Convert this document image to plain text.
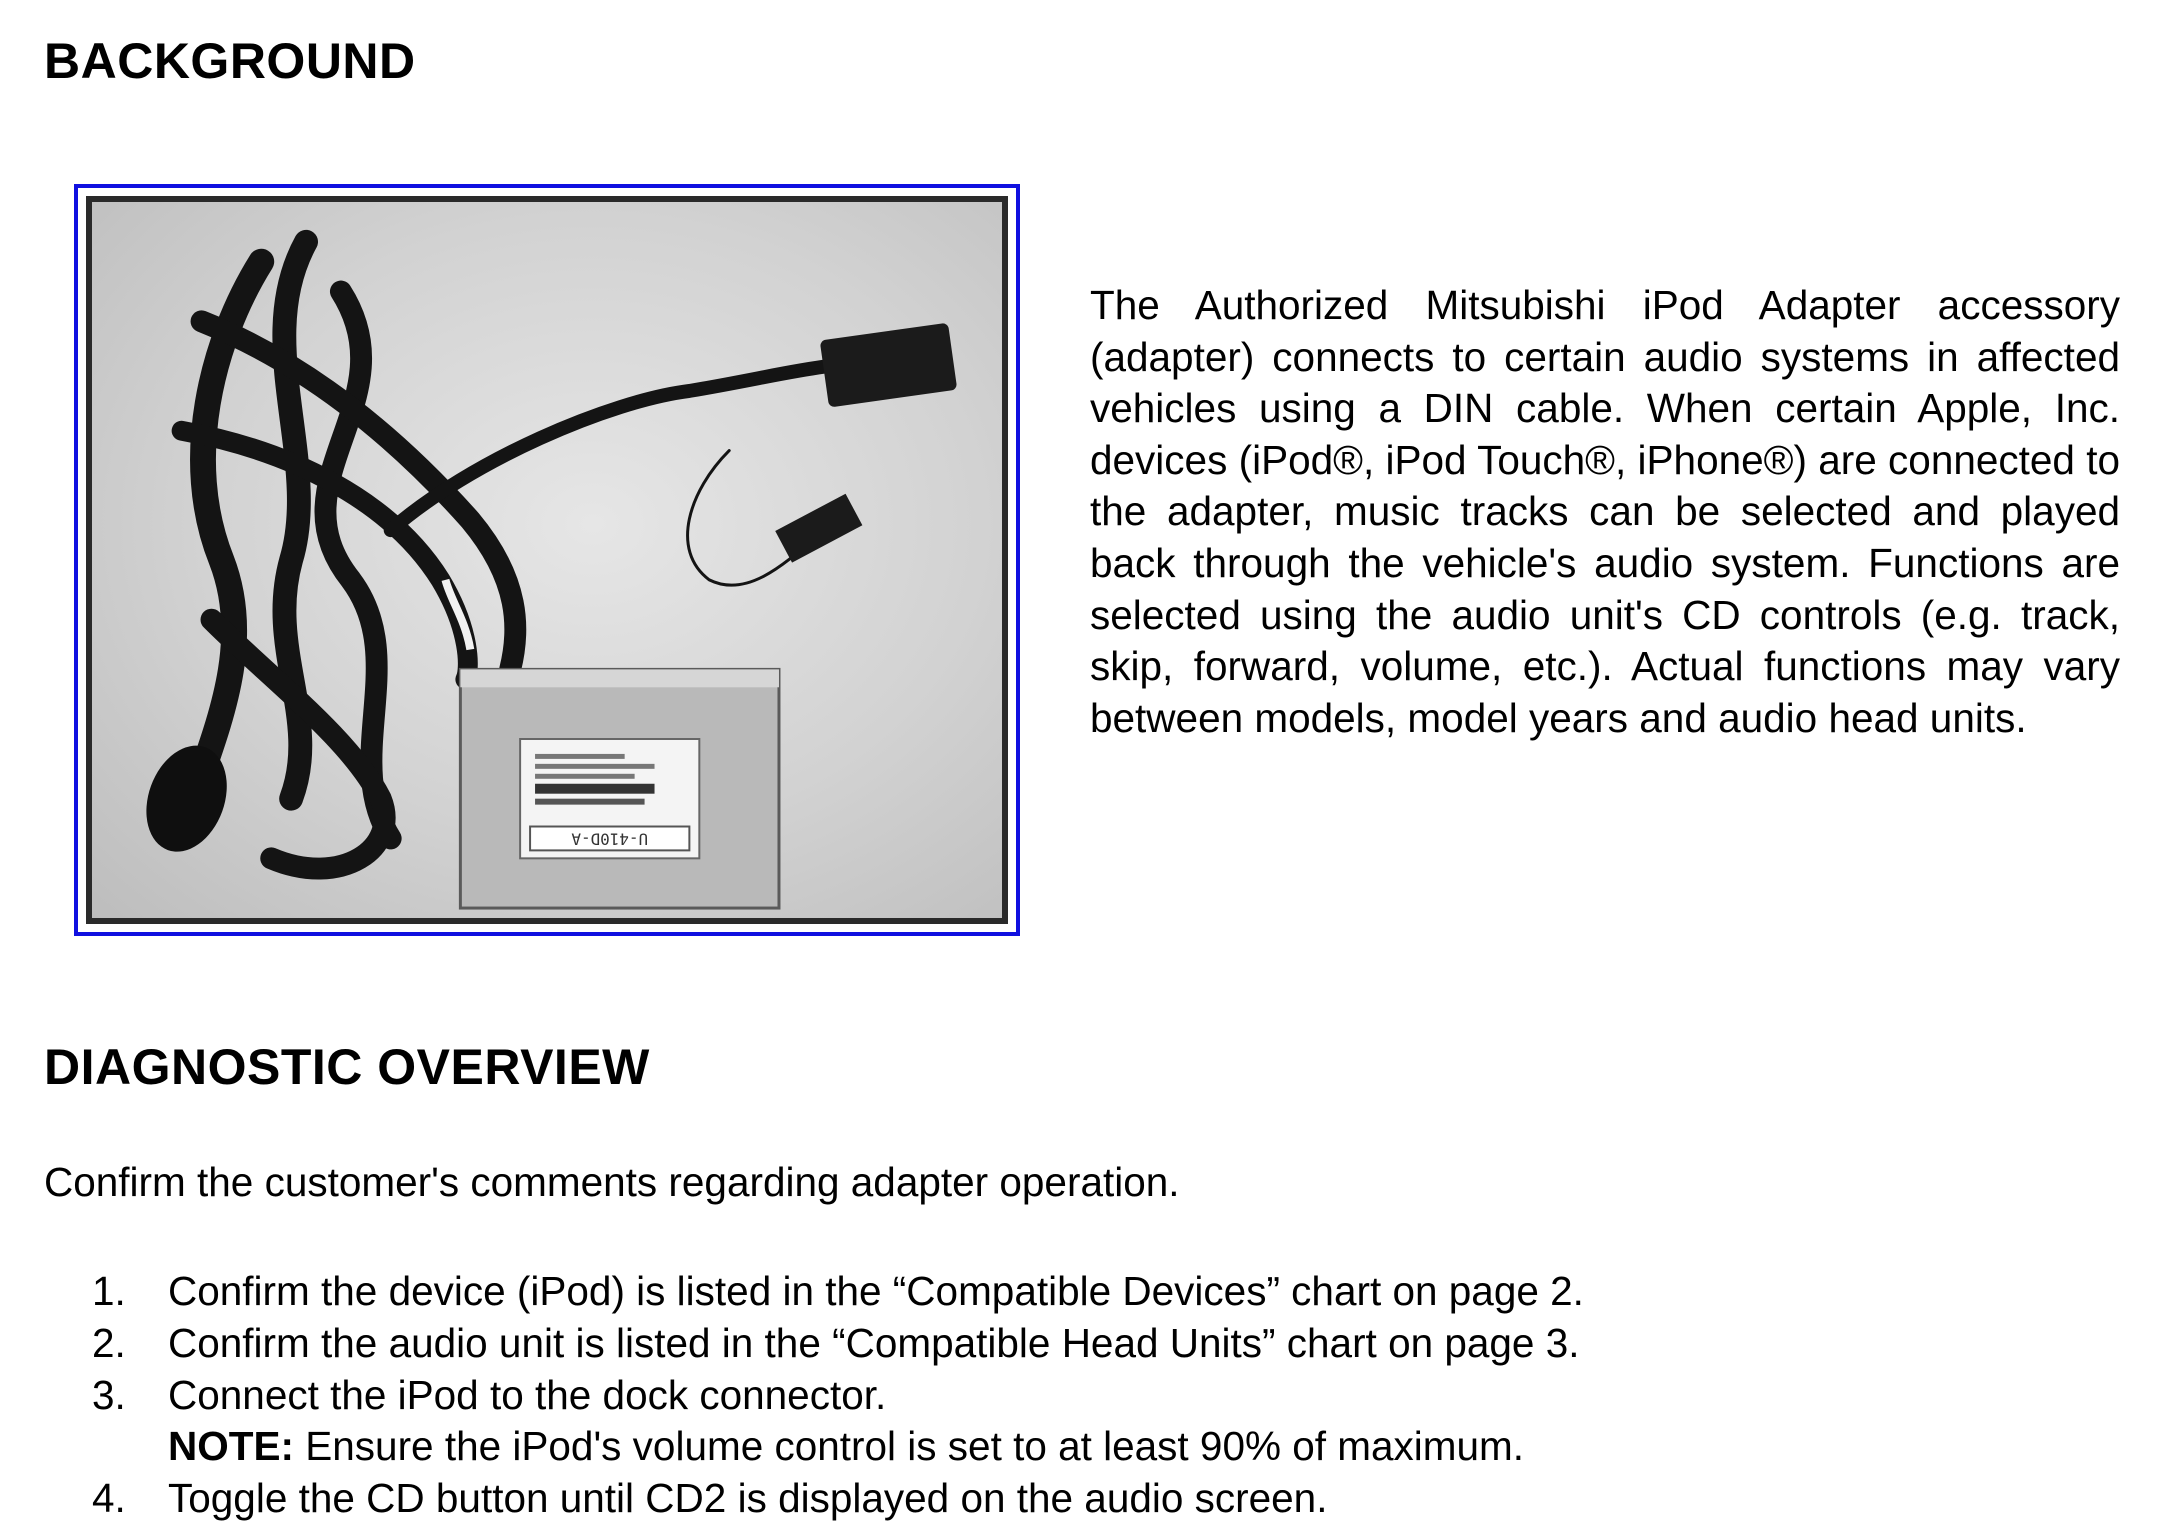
BACKGROUND
U-410D-A

The Authorized Mitsubishi iPod Adapter accessory (adapter) connects to certain audio systems in affected vehicles using a DIN cable. When certain Apple, Inc. devices (iPod®, iPod Touch®, iPhone®) are connected to the adapter, music tracks can be selected and played back through the vehicle's audio system. Functions are selected using the audio unit's CD controls (e.g. track, skip, forward, volume, etc.). Actual functions may vary between models, model years and audio head units.

DIAGNOSTIC OVERVIEW

Confirm the customer's comments regarding adapter operation.

1. Confirm the device (iPod) is listed in the “Compatible Devices” chart on page 2.
2. Confirm the audio unit is listed in the “Compatible Head Units” chart on page 3.
3. Connect the iPod to the dock connector.
NOTE: Ensure the iPod's volume control is set to at least 90% of maximum.
4. Toggle the CD button until CD2 is displayed on the audio screen.
